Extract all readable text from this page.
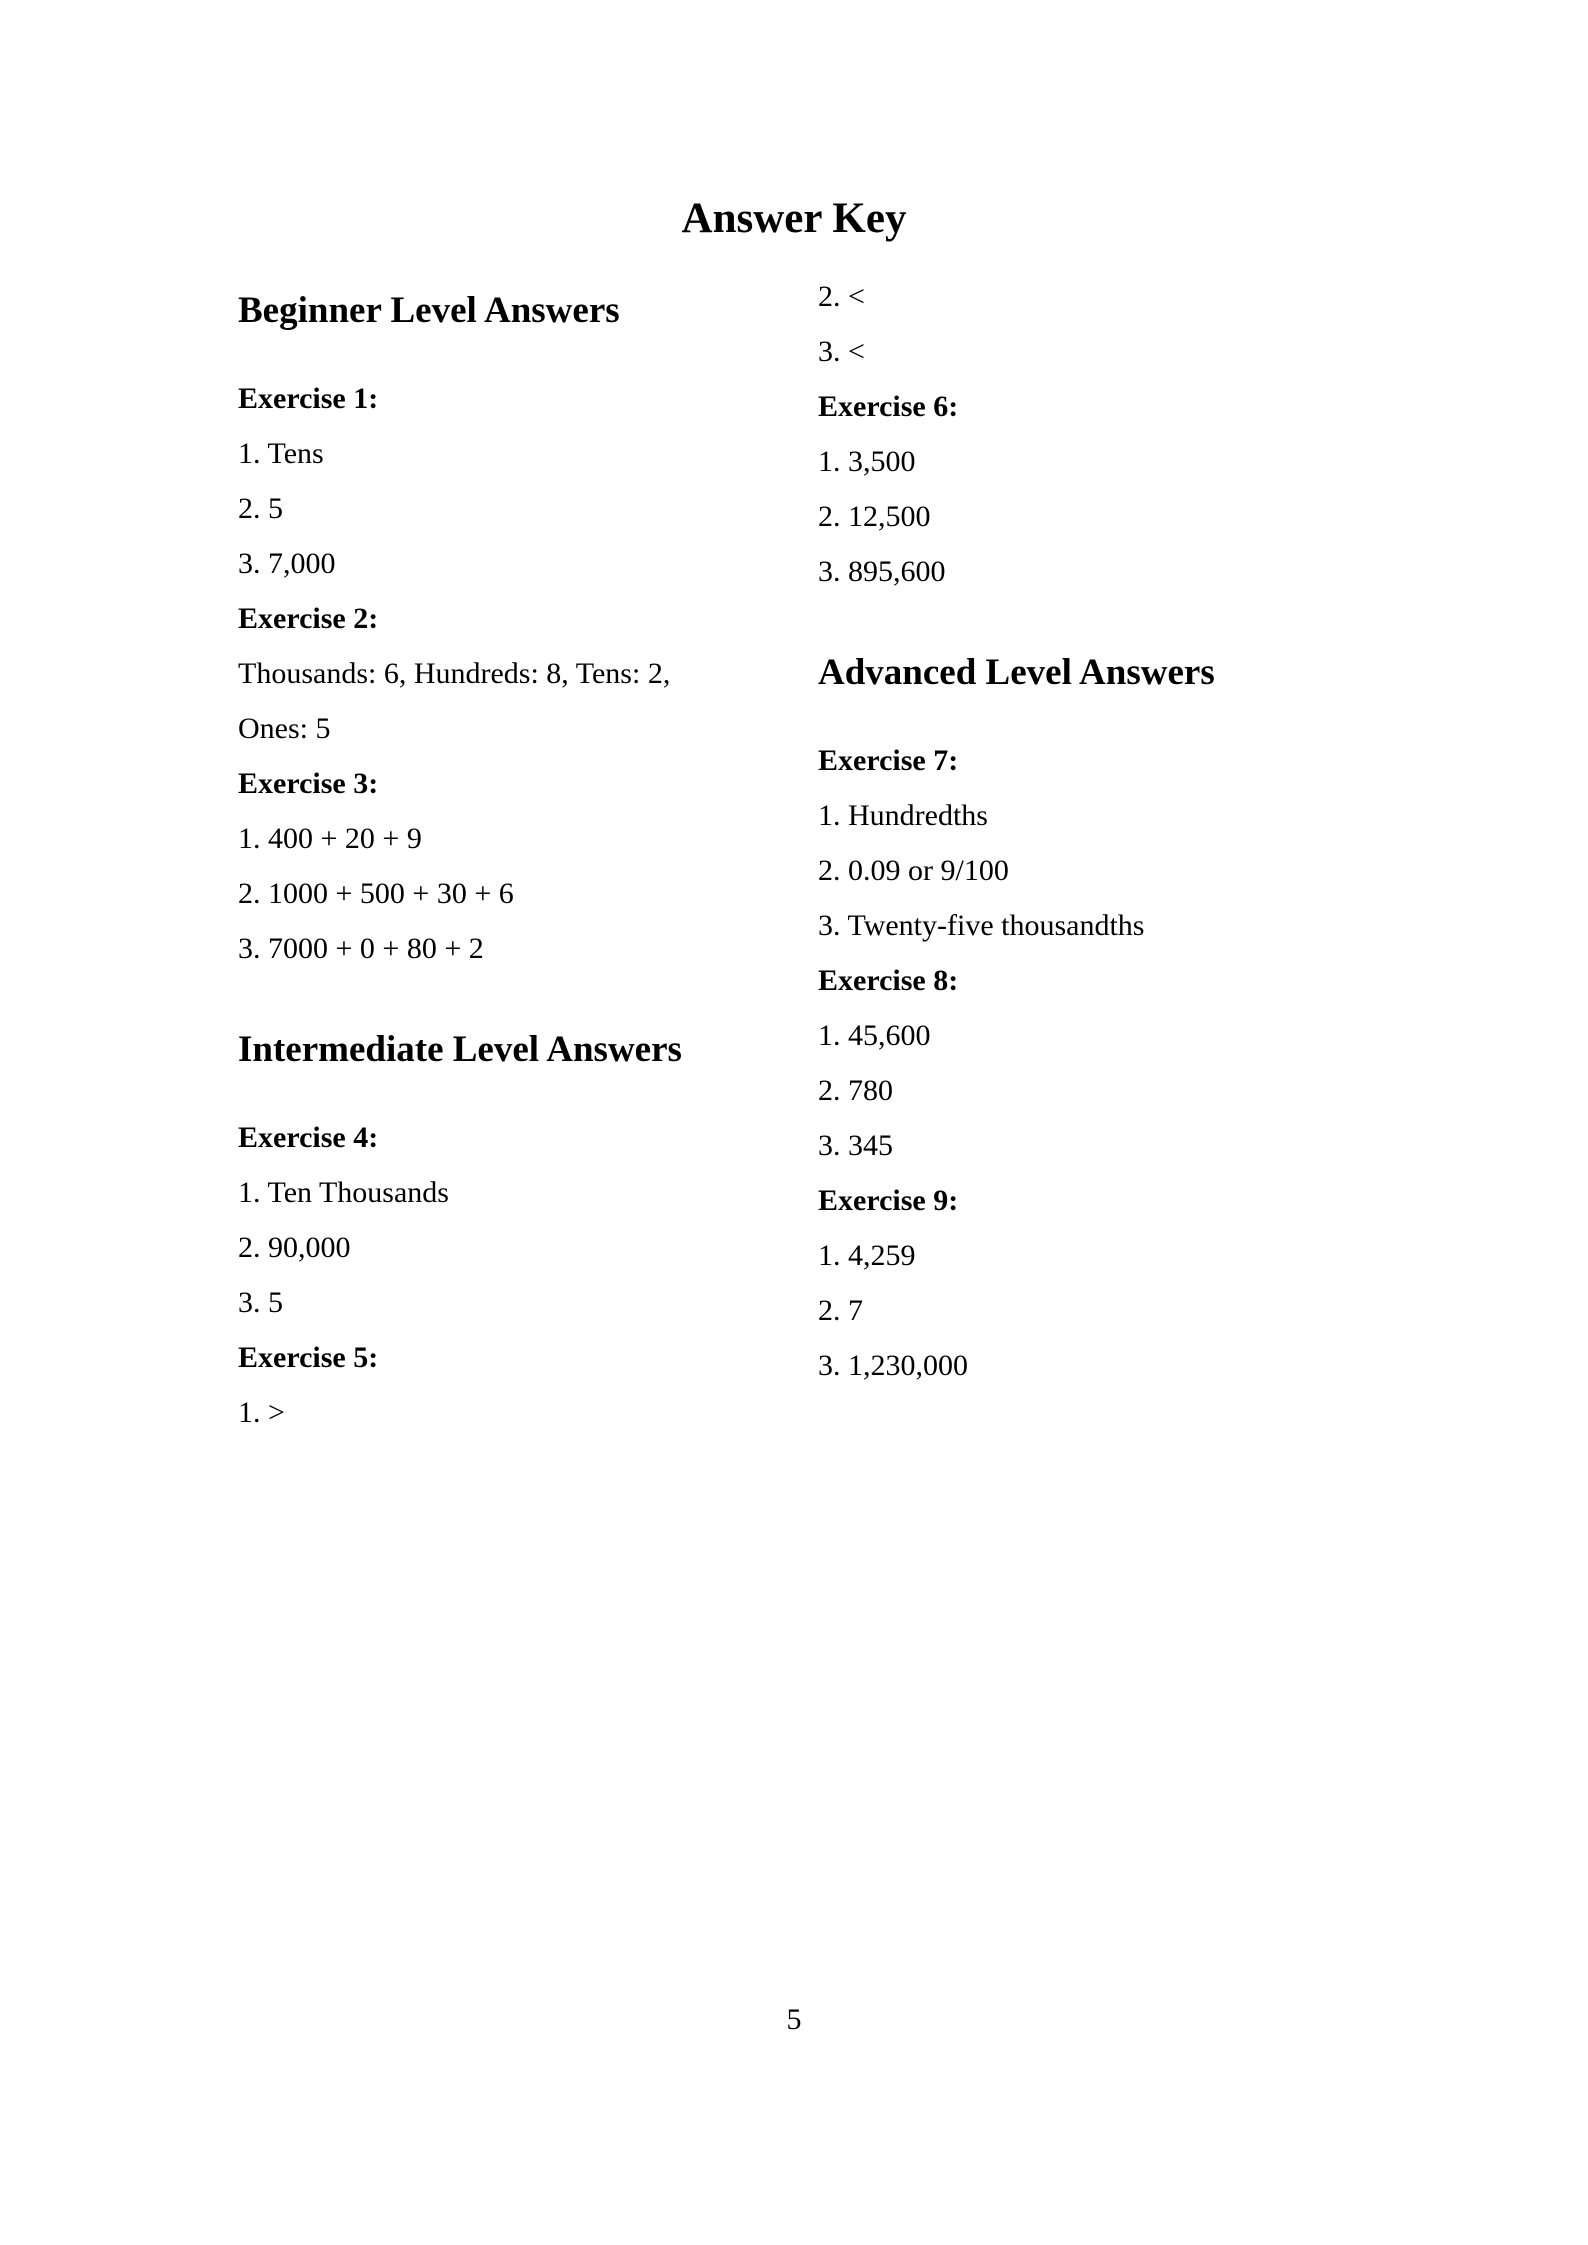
Answer Key
Beginner Level Answers
Exercise 1:
1. Tens
2. 5
3. 7,000
Exercise 2:
Thousands: 6, Hundreds: 8, Tens: 2,
Ones: 5
Exercise 3:
1. 400 + 20 + 9
2. 1000 + 500 + 30 + 6
3. 7000 + 0 + 80 + 2
Intermediate Level Answers
Exercise 4:
1. Ten Thousands
2. 90,000
3. 5
Exercise 5:
1. >
2. <
3. <
Exercise 6:
1. 3,500
2. 12,500
3. 895,600
Advanced Level Answers
Exercise 7:
1. Hundredths
2. 0.09 or 9/100
3. Twenty-five thousandths
Exercise 8:
1. 45,600
2. 780
3. 345
Exercise 9:
1. 4,259
2. 7
3. 1,230,000
5
